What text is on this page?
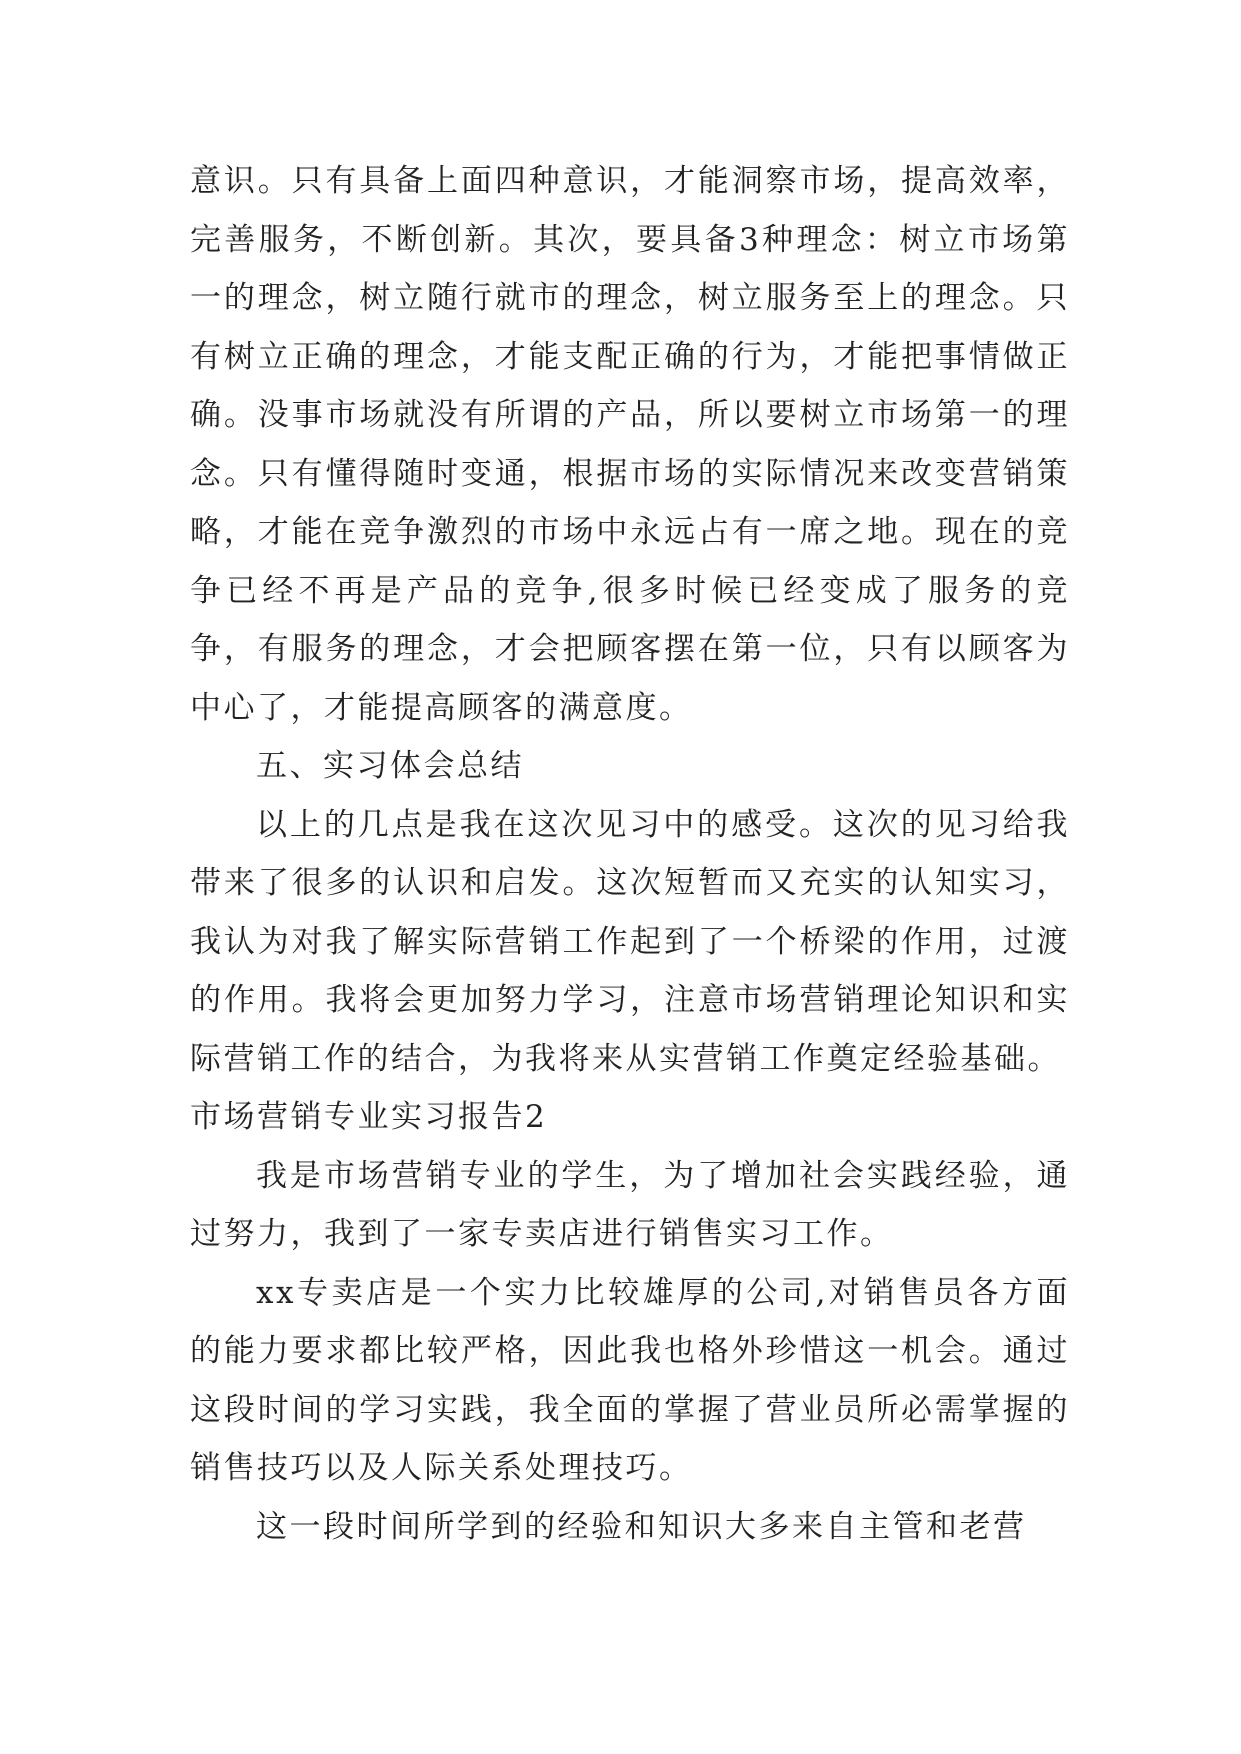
意识。只有具备上面四种意识，才能洞察市场，提高效率，完善服务，不断创新。其次，要具备3种理念：树立市场第一的理念，树立随行就市的理念，树立服务至上的理念。只有树立正确的理念，才能支配正确的行为，才能把事情做正确。没事市场就没有所谓的产品，所以要树立市场第一的理念。只有懂得随时变通，根据市场的实际情况来改变营销策略，才能在竞争激烈的市场中永远占有一席之地。现在的竞争已经不再是产品的竞争,很多时候已经变成了服务的竞争，有服务的理念，才会把顾客摆在第一位，只有以顾客为中心了，才能提高顾客的满意度。

五、实习体会总结

以上的几点是我在这次见习中的感受。这次的见习给我带来了很多的认识和启发。这次短暂而又充实的认知实习，我认为对我了解实际营销工作起到了一个桥梁的作用，过渡的作用。我将会更加努力学习，注意市场营销理论知识和实际营销工作的结合，为我将来从实营销工作奠定经验基础。

市场营销专业实习报告2

我是市场营销专业的学生，为了增加社会实践经验，通过努力，我到了一家专卖店进行销售实习工作。

xx专卖店是一个实力比较雄厚的公司,对销售员各方面的能力要求都比较严格，因此我也格外珍惜这一机会。通过这段时间的学习实践，我全面的掌握了营业员所必需掌握的销售技巧以及人际关系处理技巧。

这一段时间所学到的经验和知识大多来自主管和老营
